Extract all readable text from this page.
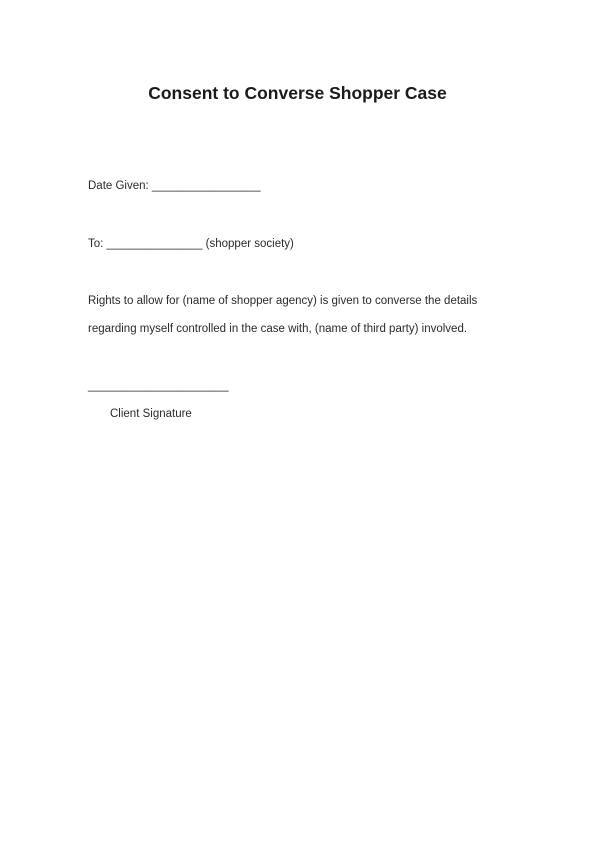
Consent to Converse Shopper Case
Date Given: _________________
To: _______________ (shopper society)
Rights to allow for (name of shopper agency) is given to converse the details
regarding myself controlled in the case with, (name of third party) involved.
______________________
Client Signature
